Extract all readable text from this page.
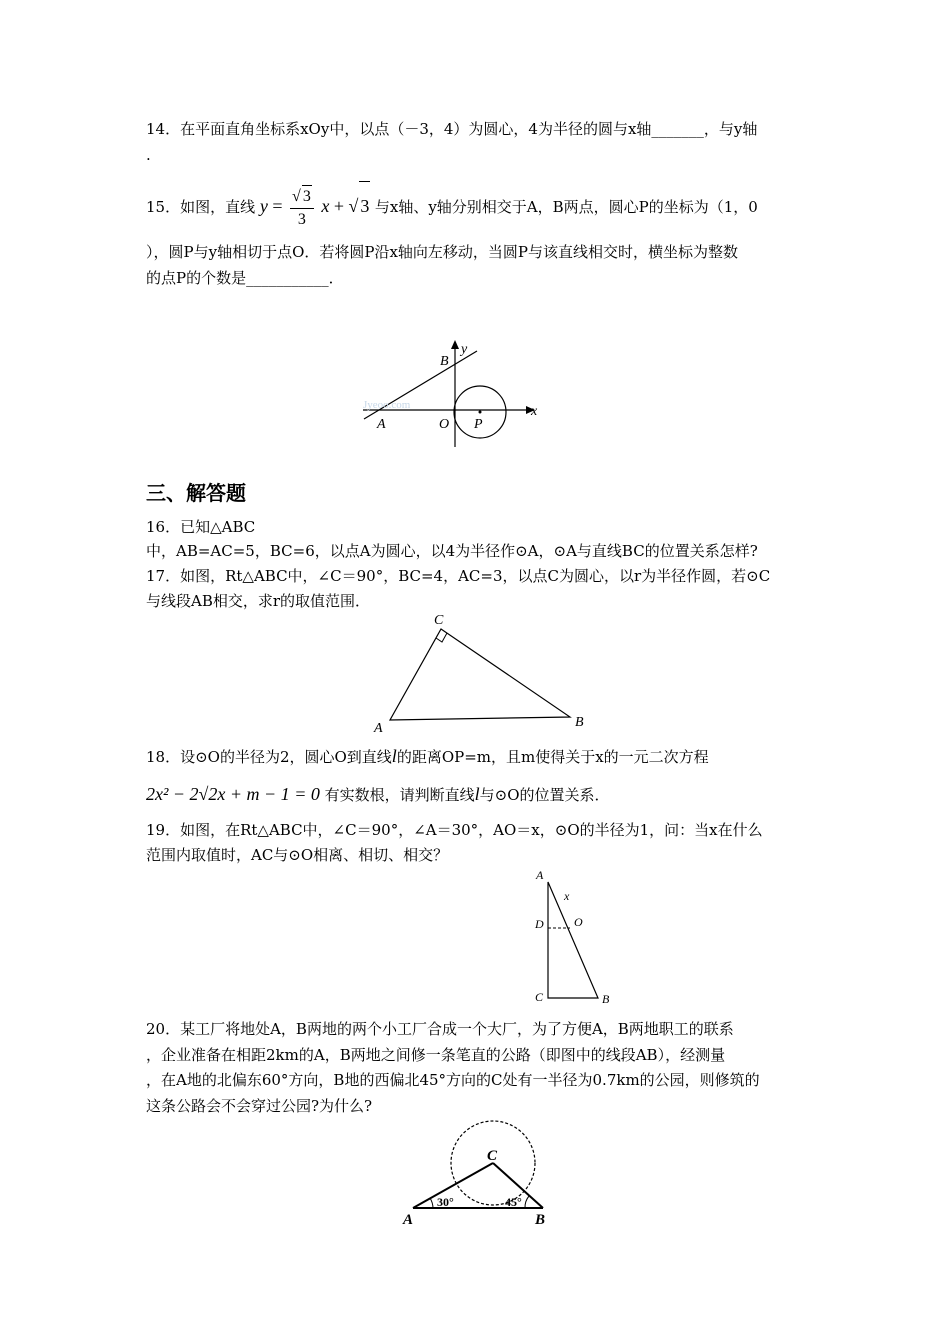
14．在平面直角坐标系xOy中，以点（－3，4）为圆心，4为半径的圆与x轴_______，与y轴
.
15．如图，直线 $y = \frac{√ 3}{3}$ x + √ 3 与x轴、y轴分别相交于A，B两点，圆心P的坐标为（1，0
），圆P与y轴相切于点O．若将圆P沿x轴向左移动，当圆P与该直线相交时，横坐标为整数
的点P的个数是___________．
y
x
B
A	O P
Jyeoo.com
三、解答题
16．已知△ABC
中，AB=AC=5，BC=6，以点A为圆心，以4为半径作⊙A，⊙A与直线BC的位置关系怎样?
17．如图，Rt△ABC中，∠C＝90°，BC=4，AC=3，以点C为圆心，以r为半径作圆，若⊙C
与线段AB相交，求r的取值范围．
C
A	B
18．设⊙O的半径为2，圆心O到直线l的距离OP=m，且m使得关于x的一元二次方程
2x² − 2√2x + m − 1 = 0 有实数根，请判断直线l与⊙O的位置关系．
19．如图，在Rt△ABC中，∠C＝90°，∠A＝30°，AO＝x，⊙O的半径为1，问：当x在什么
范围内取值时，AC与⊙O相离、相切、相交？
A
x
D	O
C	B
20．某工厂将地处A，B两地的两个小工厂合成一个大厂，为了方便A，B两地职工的联系
，企业准备在相距2km的A，B两地之间修一条笔直的公路（即图中的线段AB），经测量
，在A地的北偏东60°方向，B地的西偏北45°方向的C处有一半径为0.7km的公园，则修筑的
这条公路会不会穿过公园?为什么?
C
A	B
30°	45°
